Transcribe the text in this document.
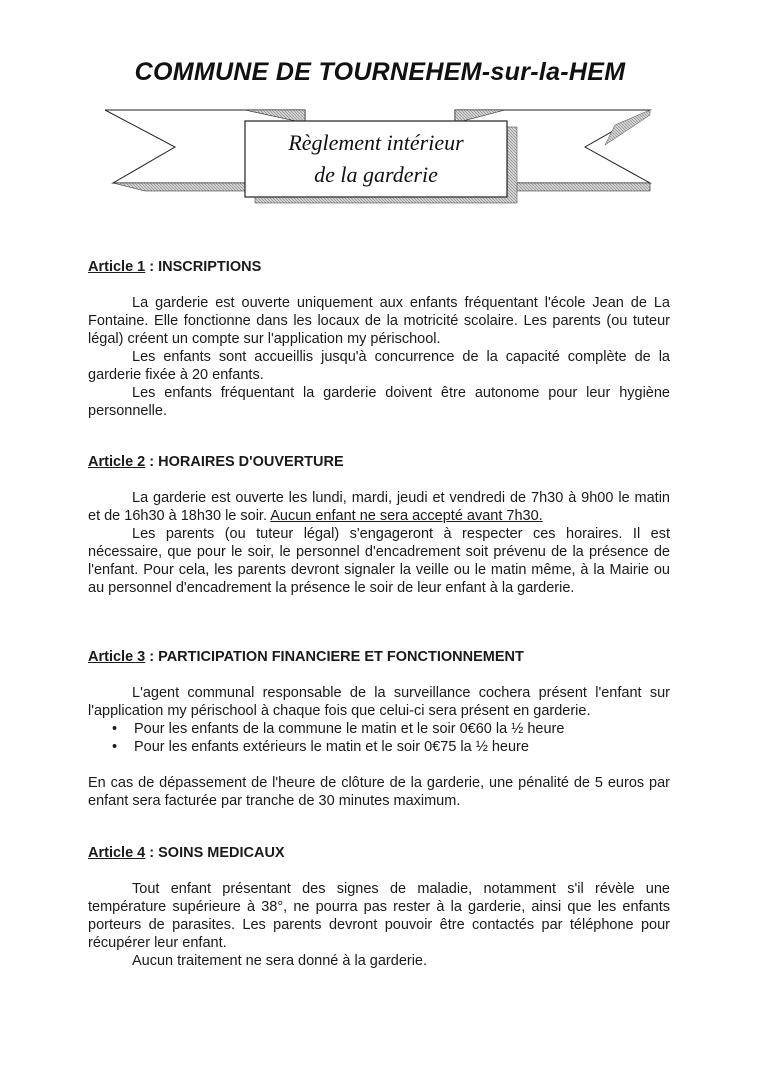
COMMUNE DE TOURNEHEM-sur-la-HEM
Règlement intérieur
de la garderie

Article 1 : INSCRIPTIONS

La garderie est ouverte uniquement aux enfants fréquentant l'école Jean de La Fontaine. Elle fonctionne dans les locaux de la motricité scolaire. Les parents (ou tuteur légal) créent un compte sur l'application my périschool.

Les enfants sont accueillis jusqu'à concurrence de la capacité complète de la garderie fixée à 20 enfants.

Les enfants fréquentant la garderie doivent être autonome pour leur hygiène personnelle.

Article 2 : HORAIRES D'OUVERTURE

La garderie est ouverte les lundi, mardi, jeudi et vendredi de 7h30 à 9h00 le matin et de 16h30 à 18h30 le soir. Aucun enfant ne sera accepté avant 7h30.

Les parents (ou tuteur légal) s'engageront à respecter ces horaires. Il est nécessaire, que pour le soir, le personnel d'encadrement soit prévenu de la présence de l'enfant. Pour cela, les parents devront signaler la veille ou le matin même, à la Mairie ou au personnel d'encadrement la présence le soir de leur enfant à la garderie.

Article 3 : PARTICIPATION FINANCIERE ET FONCTIONNEMENT

L'agent communal responsable de la surveillance cochera présent l'enfant sur l'application my périschool à chaque fois que celui-ci sera présent en garderie.

• Pour les enfants de la commune le matin et le soir 0€60 la ½ heure
• Pour les enfants extérieurs le matin et le soir 0€75 la ½ heure

En cas de dépassement de l'heure de clôture de la garderie, une pénalité de 5 euros par enfant sera facturée par tranche de 30 minutes maximum.

Article 4 : SOINS MEDICAUX

Tout enfant présentant des signes de maladie, notamment s'il révèle une température supérieure à 38°, ne pourra pas rester à la garderie, ainsi que les enfants porteurs de parasites. Les parents devront pouvoir être contactés par téléphone pour récupérer leur enfant.

Aucun traitement ne sera donné à la garderie.
